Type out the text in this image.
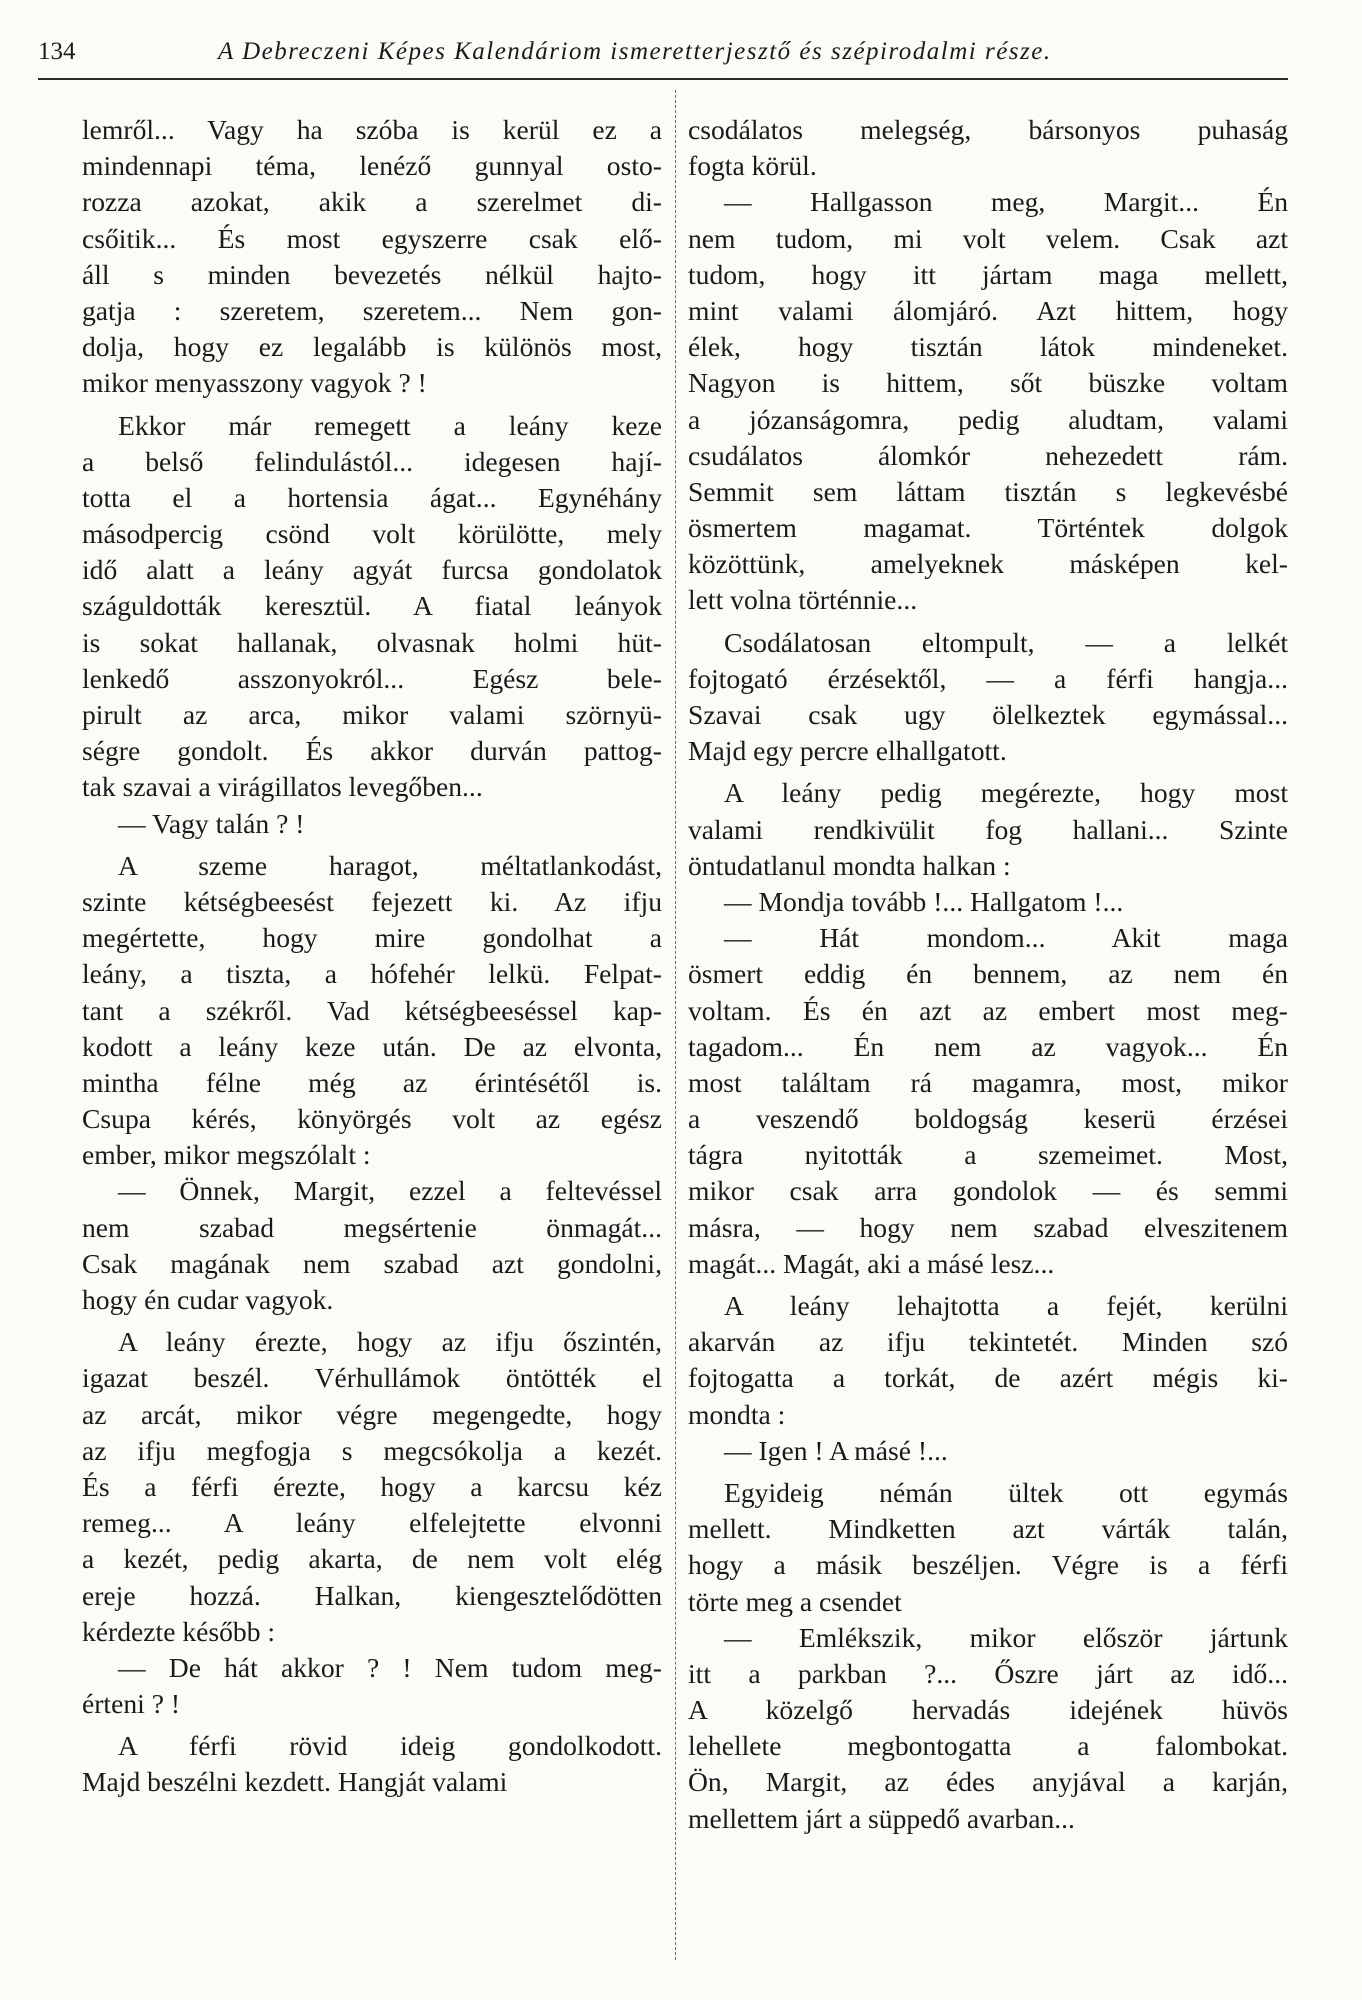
134	A Debreczeni Képes Kalendáriom ismeretterjesztő és szépirodalmi része.
lemről... Vagy ha szóba is kerül ez a
mindennapi téma, lenéző gunnyal osto-
rozza azokat, akik a szerelmet di-
csőitik... És most egyszerre csak elő-
áll s minden bevezetés nélkül hajto-
gatja : szeretem, szeretem... Nem gon-
dolja, hogy ez legalább is különös most,
mikor menyasszony vagyok ? !
Ekkor már remegett a leány keze
a belső felindulástól... idegesen hají-
totta el a hortensia ágat... Egynéhány
másodpercig csönd volt körülötte, mely
idő alatt a leány agyát furcsa gondolatok
száguldották keresztül. A fiatal leányok
is sokat hallanak, olvasnak holmi hüt-
lenkedő asszonyokról... Egész bele-
pirult az arca, mikor valami szörnyü-
ségre gondolt. És akkor durván pattog-
tak szavai a virágillatos levegőben...
— Vagy talán ? !
A szeme haragot, méltatlankodást,
szinte kétségbeesést fejezett ki. Az ifju
megértette, hogy mire gondolhat a
leány, a tiszta, a hófehér lelkü. Felpat-
tant a székről. Vad kétségbeeséssel kap-
kodott a leány keze után. De az elvonta,
mintha félne még az érintésétől is.
Csupa kérés, könyörgés volt az egész
ember, mikor megszólalt :
— Önnek, Margit, ezzel a feltevéssel
nem szabad megsértenie önmagát...
Csak magának nem szabad azt gondolni,
hogy én cudar vagyok.
A leány érezte, hogy az ifju őszintén,
igazat beszél. Vérhullámok öntötték el
az arcát, mikor végre megengedte, hogy
az ifju megfogja s megcsókolja a kezét.
És a férfi érezte, hogy a karcsu kéz
remeg... A leány elfelejtette elvonni
a kezét, pedig akarta, de nem volt elég
ereje hozzá. Halkan, kiengesztelődötten
kérdezte később :
— De hát akkor ? ! Nem tudom meg-
érteni ? !
A férfi rövid ideig gondolkodott.
Majd beszélni kezdett. Hangját valami
csodálatos melegség, bársonyos puhaság
fogta körül.
— Hallgasson meg, Margit... Én
nem tudom, mi volt velem. Csak azt
tudom, hogy itt jártam maga mellett,
mint valami álomjáró. Azt hittem, hogy
élek, hogy tisztán látok mindeneket.
Nagyon is hittem, sőt büszke voltam
a józanságomra, pedig aludtam, valami
csudálatos álomkór nehezedett rám.
Semmit sem láttam tisztán s legkevésbé
ösmertem magamat. Történtek dolgok
közöttünk, amelyeknek másképen kel-
lett volna történnie...
Csodálatosan eltompult, — a lelkét
fojtogató érzésektől, — a férfi hangja...
Szavai csak ugy ölelkeztek egymással...
Majd egy percre elhallgatott.
A leány pedig megérezte, hogy most
valami rendkivülit fog hallani... Szinte
öntudatlanul mondta halkan :
— Mondja tovább !... Hallgatom !...
— Hát mondom... Akit maga
ösmert eddig én bennem, az nem én
voltam. És én azt az embert most meg-
tagadom... Én nem az vagyok... Én
most találtam rá magamra, most, mikor
a veszendő boldogság keserü érzései
tágra nyitották a szemeimet. Most,
mikor csak arra gondolok — és semmi
másra, — hogy nem szabad elveszitenem
magát... Magát, aki a másé lesz...
A leány lehajtotta a fejét, kerülni
akarván az ifju tekintetét. Minden szó
fojtogatta a torkát, de azért mégis ki-
mondta :
— Igen ! A másé !...
Egyideig némán ültek ott egymás
mellett. Mindketten azt várták talán,
hogy a másik beszéljen. Végre is a férfi
törte meg a csendet
— Emlékszik, mikor először jártunk
itt a parkban ?... Őszre járt az idő...
A közelgő hervadás idejének hüvös
lehellete megbontogatta a falombokat.
Ön, Margit, az édes anyjával a karján,
mellettem járt a süppedő avarban...
